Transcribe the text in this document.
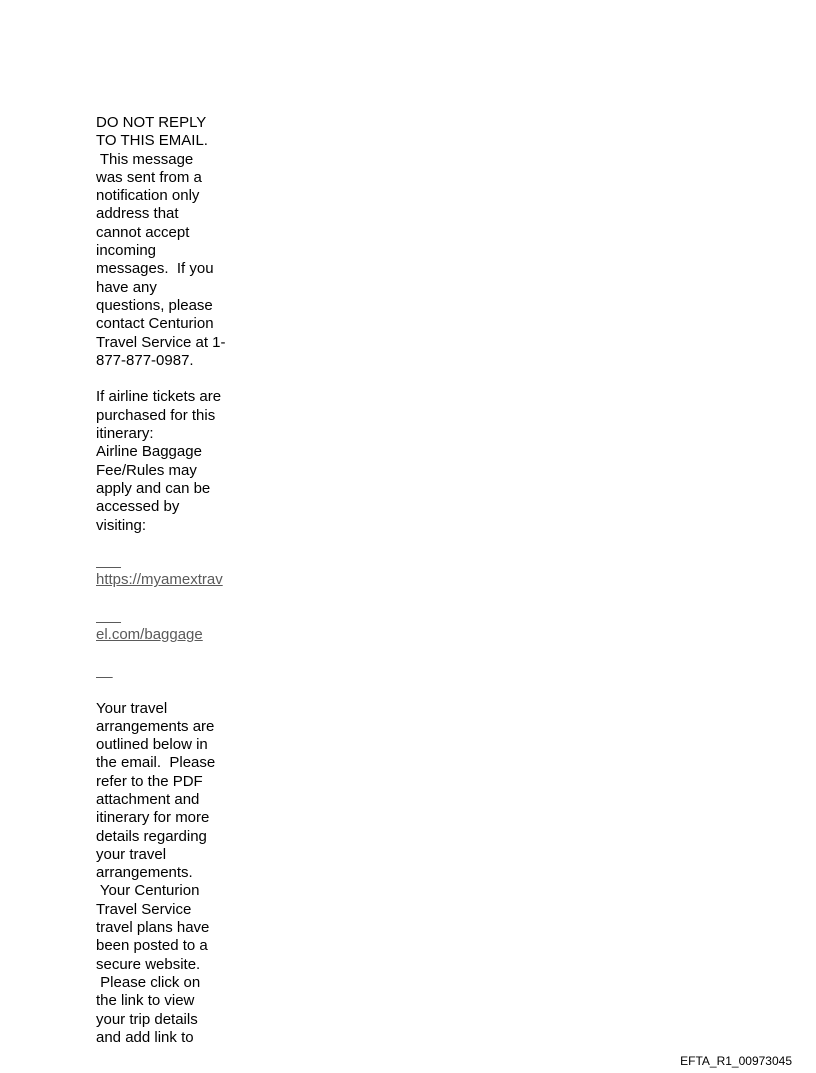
DO NOT REPLY
TO THIS EMAIL.
This message
was sent from a
notification only
address that
cannot accept
incoming
messages.  If you
have any
questions, please
contact Centurion
Travel Service at 1-
877-877-0987.
If airline tickets are
purchased for this
itinerary:
Airline Baggage
Fee/Rules may
apply and can be
accessed by
visiting:

https://myamextrav

el.com/baggage

Your travel
arrangements are
outlined below in
the email.  Please
refer to the PDF
attachment and
itinerary for more
details regarding
your travel
arrangements.
Your Centurion
Travel Service
travel plans have
been posted to a
secure website.
Please click on
the link to view
your trip details
and add link to
EFTA_R1_00973045
